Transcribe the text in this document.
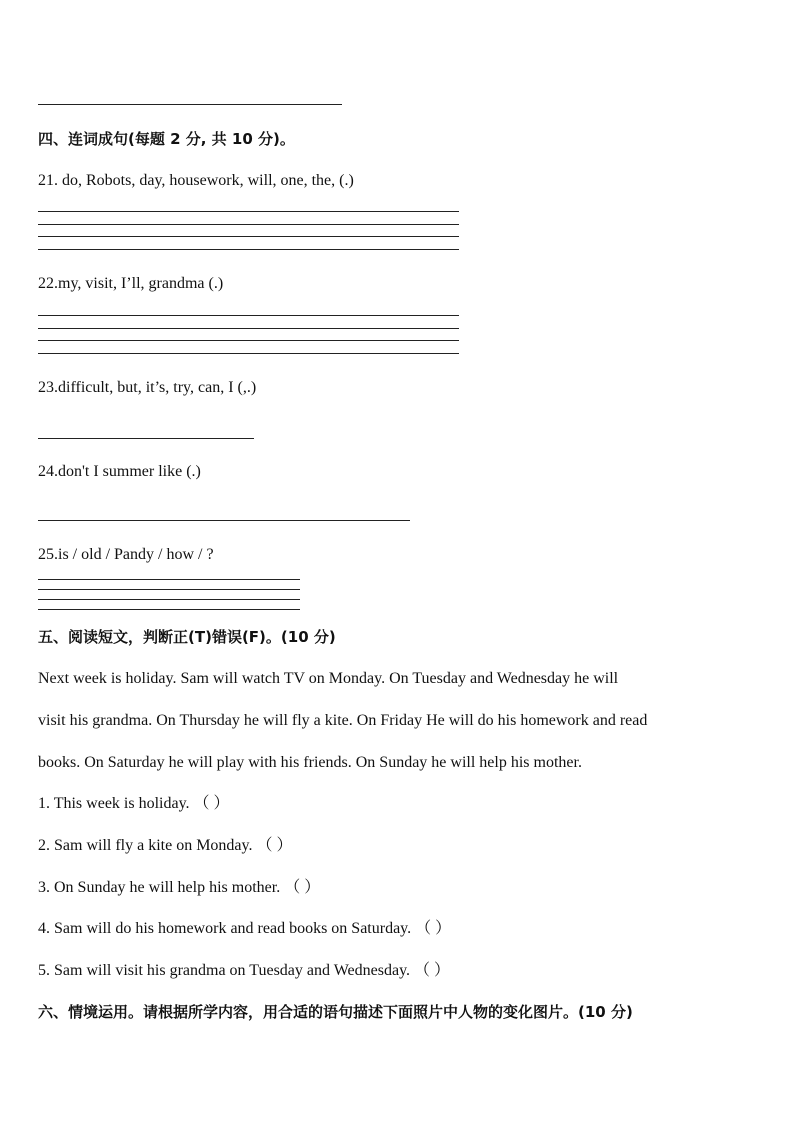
四、连词成句(每题 2 分, 共 10 分)。
21. do, Robots, day, housework, will, one, the, (.)
22.my, visit, I’ll, grandma (.)
23.difficult, but, it’s, try, can, I (,.)
24.don't I summer like (.)
25.is / old / Pandy / how / ?
五、阅读短文，判断正(T)错误(F)。(10 分)
Next week is holiday. Sam will watch TV on Monday. On Tuesday and Wednesday he will
visit his grandma. On Thursday he will fly a kite. On Friday He will do his homework and read
books. On Saturday he will play with his friends. On Sunday he will help his mother.
1. This week is holiday. （ ）
2. Sam will fly a kite on Monday. （ ）
3. On Sunday he will help his mother. （ ）
4. Sam will do his homework and read books on Saturday. （ ）
5. Sam will visit his grandma on Tuesday and Wednesday. （ ）
六、情境运用。请根据所学内容，用合适的语句描述下面照片中人物的变化图片。(10 分)
